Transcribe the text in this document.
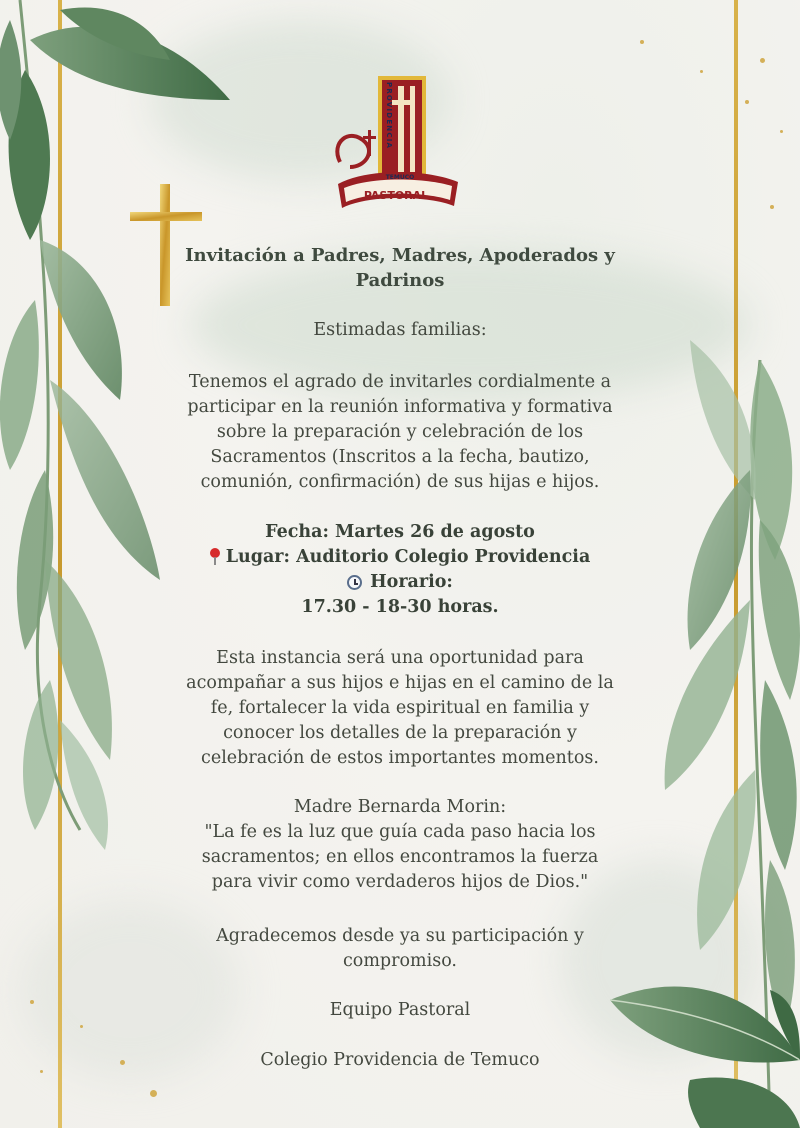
PASTORAL
TEMUCO
PROVIDENCIA
Invitación a Padres, Madres, Apoderados y
Padrinos
Estimadas familias:
Tenemos el agrado de invitarles cordialmente a
participar en la reunión informativa y formativa
sobre la preparación y celebración de los
Sacramentos (Inscritos a la fecha, bautizo,
comunión, confirmación) de sus hijas e hijos.
Fecha: Martes 26 de agosto
Lugar: Auditorio Colegio Providencia
Horario:
17.30 - 18-30 horas.
Esta instancia será una oportunidad para
acompañar a sus hijos e hijas en el camino de la
fe, fortalecer la vida espiritual en familia y
conocer los detalles de la preparación y
celebración de estos importantes momentos.
Madre Bernarda Morin:
"La fe es la luz que guía cada paso hacia los
sacramentos; en ellos encontramos la fuerza
para vivir como verdaderos hijos de Dios."
Agradecemos desde ya su participación y
compromiso.
Equipo Pastoral
Colegio Providencia de Temuco
